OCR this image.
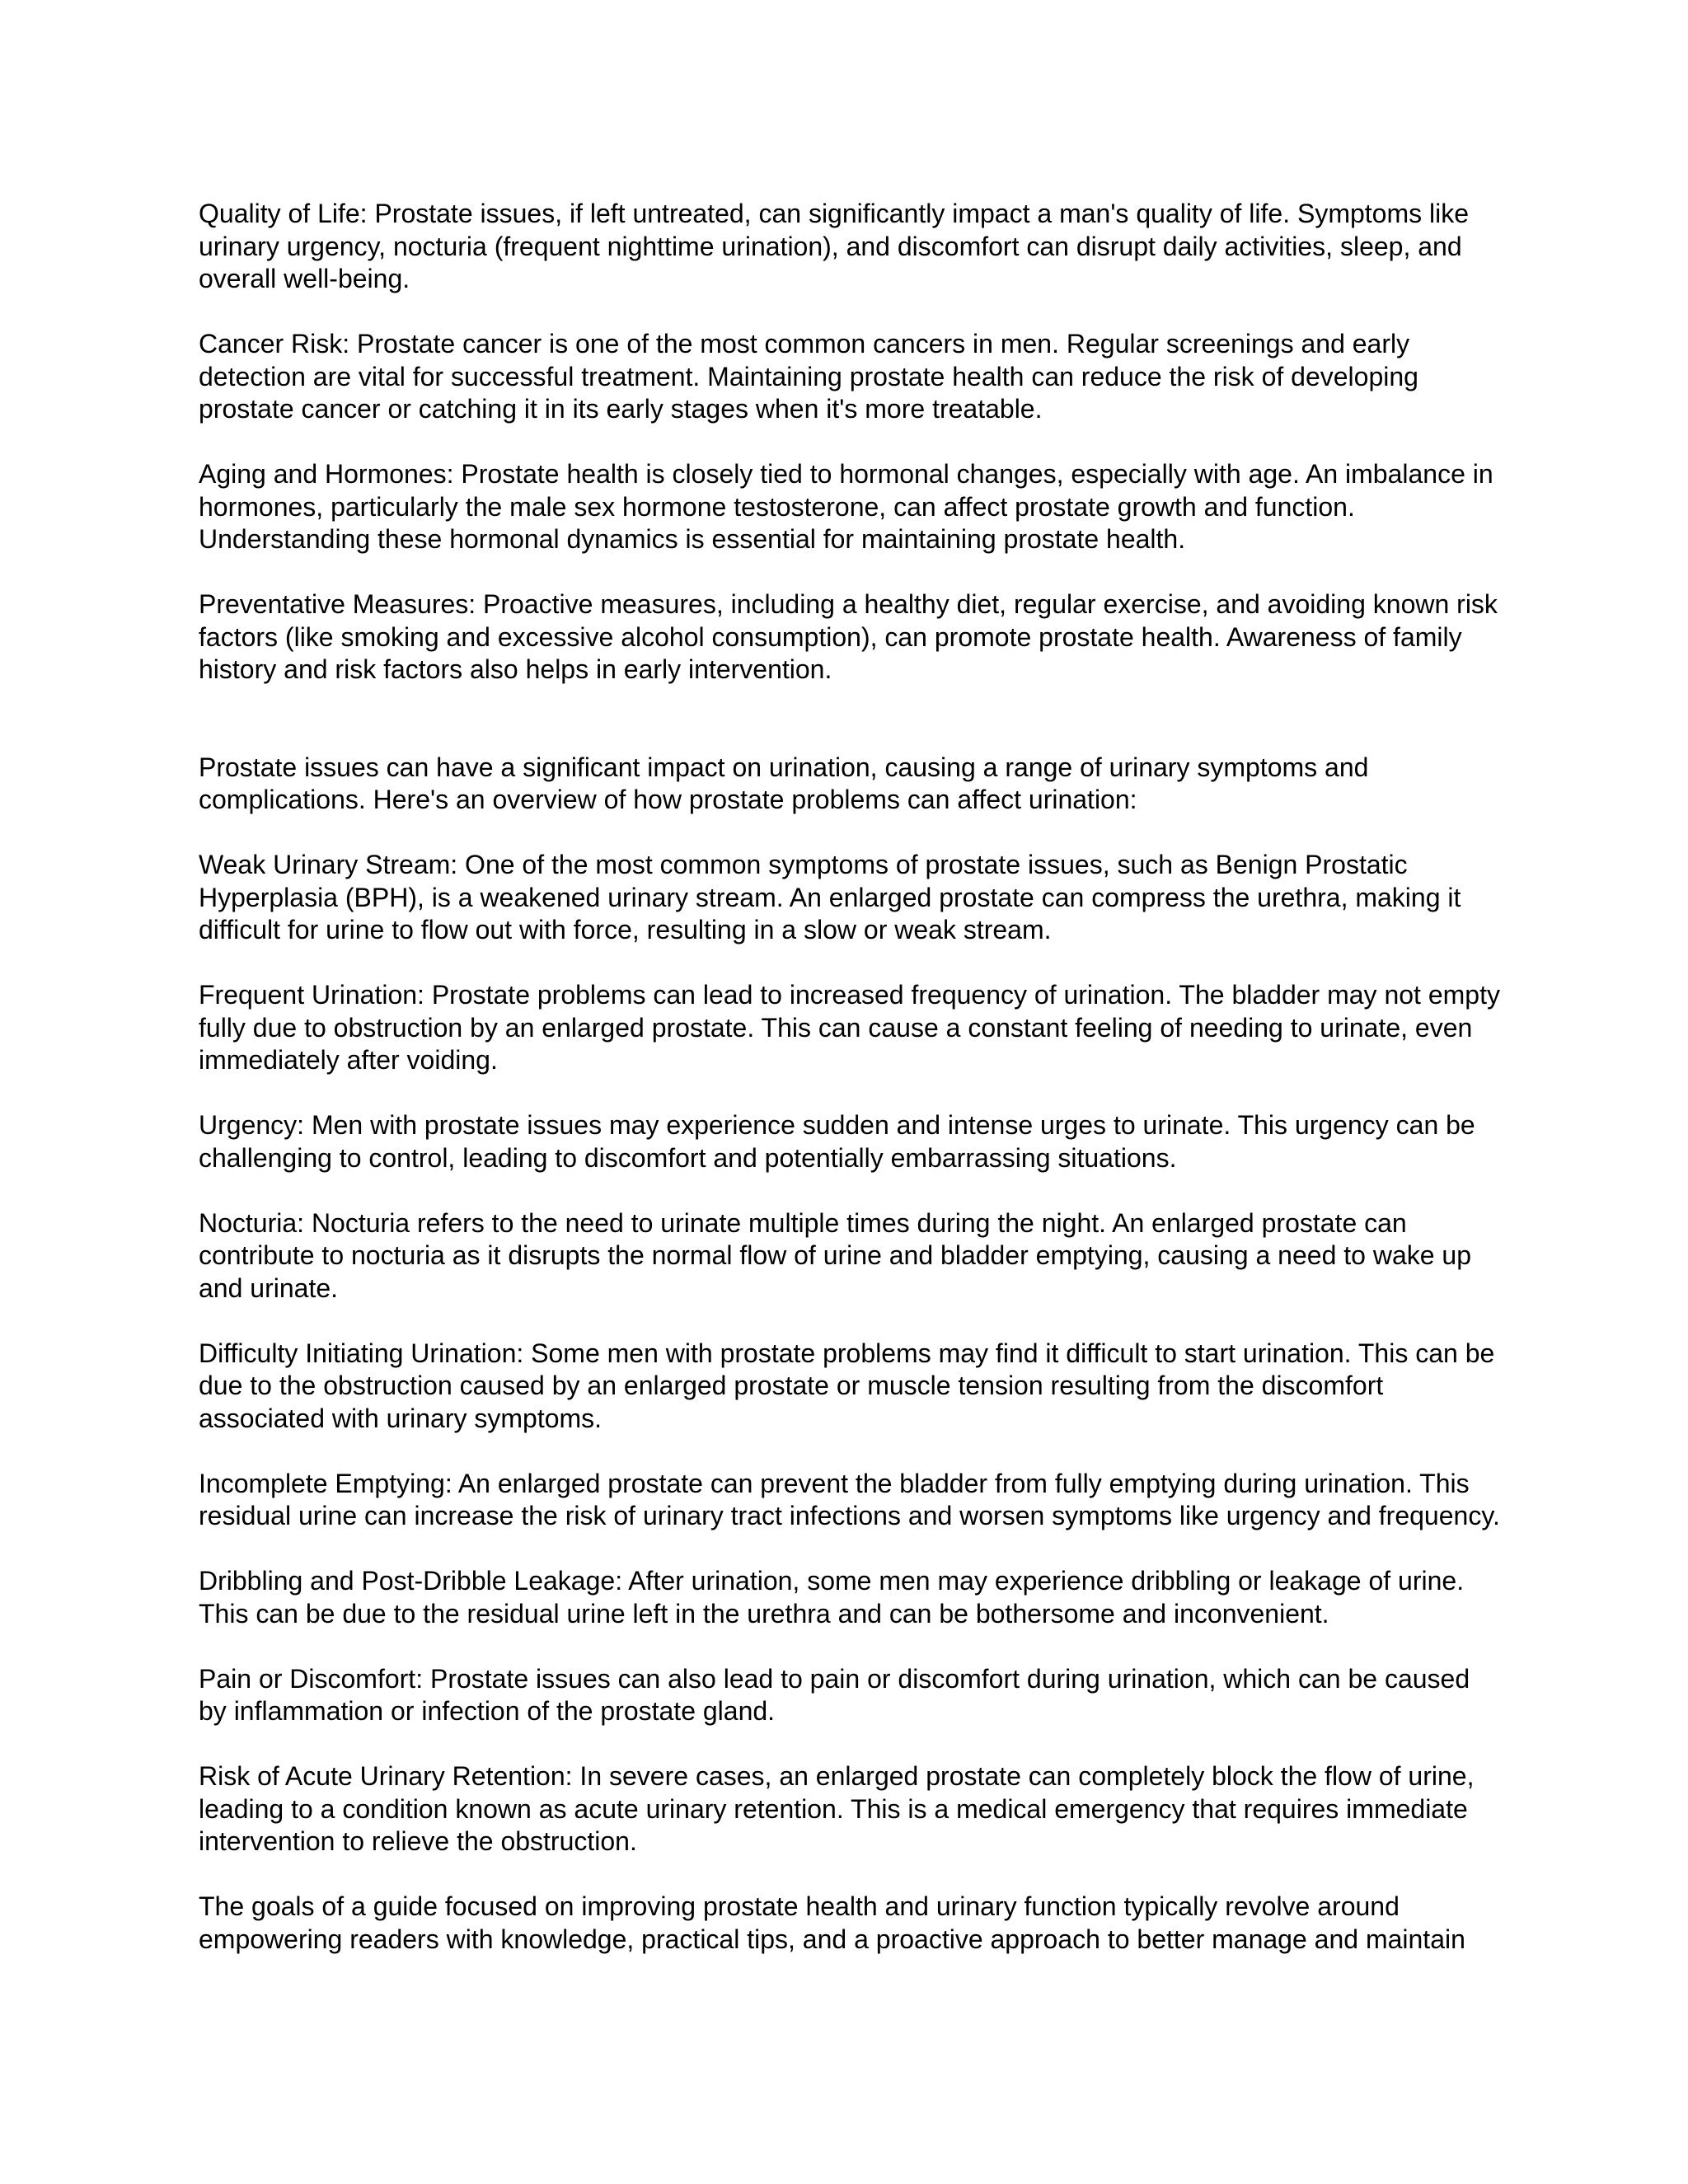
Quality of Life: Prostate issues, if left untreated, can significantly impact a man's quality of life. Symptoms like urinary urgency, nocturia (frequent nighttime urination), and discomfort can disrupt daily activities, sleep, and overall well-being.

Cancer Risk: Prostate cancer is one of the most common cancers in men. Regular screenings and early detection are vital for successful treatment. Maintaining prostate health can reduce the risk of developing prostate cancer or catching it in its early stages when it's more treatable.

Aging and Hormones: Prostate health is closely tied to hormonal changes, especially with age. An imbalance in hormones, particularly the male sex hormone testosterone, can affect prostate growth and function. Understanding these hormonal dynamics is essential for maintaining prostate health.

Preventative Measures: Proactive measures, including a healthy diet, regular exercise, and avoiding known risk factors (like smoking and excessive alcohol consumption), can promote prostate health. Awareness of family history and risk factors also helps in early intervention.

Prostate issues can have a significant impact on urination, causing a range of urinary symptoms and complications. Here's an overview of how prostate problems can affect urination:

Weak Urinary Stream: One of the most common symptoms of prostate issues, such as Benign Prostatic Hyperplasia (BPH), is a weakened urinary stream. An enlarged prostate can compress the urethra, making it difficult for urine to flow out with force, resulting in a slow or weak stream.

Frequent Urination: Prostate problems can lead to increased frequency of urination. The bladder may not empty fully due to obstruction by an enlarged prostate. This can cause a constant feeling of needing to urinate, even immediately after voiding.

Urgency: Men with prostate issues may experience sudden and intense urges to urinate. This urgency can be challenging to control, leading to discomfort and potentially embarrassing situations.

Nocturia: Nocturia refers to the need to urinate multiple times during the night. An enlarged prostate can contribute to nocturia as it disrupts the normal flow of urine and bladder emptying, causing a need to wake up and urinate.

Difficulty Initiating Urination: Some men with prostate problems may find it difficult to start urination. This can be due to the obstruction caused by an enlarged prostate or muscle tension resulting from the discomfort associated with urinary symptoms.

Incomplete Emptying: An enlarged prostate can prevent the bladder from fully emptying during urination. This residual urine can increase the risk of urinary tract infections and worsen symptoms like urgency and frequency.

Dribbling and Post-Dribble Leakage: After urination, some men may experience dribbling or leakage of urine. This can be due to the residual urine left in the urethra and can be bothersome and inconvenient.

Pain or Discomfort: Prostate issues can also lead to pain or discomfort during urination, which can be caused by inflammation or infection of the prostate gland.

Risk of Acute Urinary Retention: In severe cases, an enlarged prostate can completely block the flow of urine, leading to a condition known as acute urinary retention. This is a medical emergency that requires immediate intervention to relieve the obstruction.

The goals of a guide focused on improving prostate health and urinary function typically revolve around empowering readers with knowledge, practical tips, and a proactive approach to better manage and maintain
